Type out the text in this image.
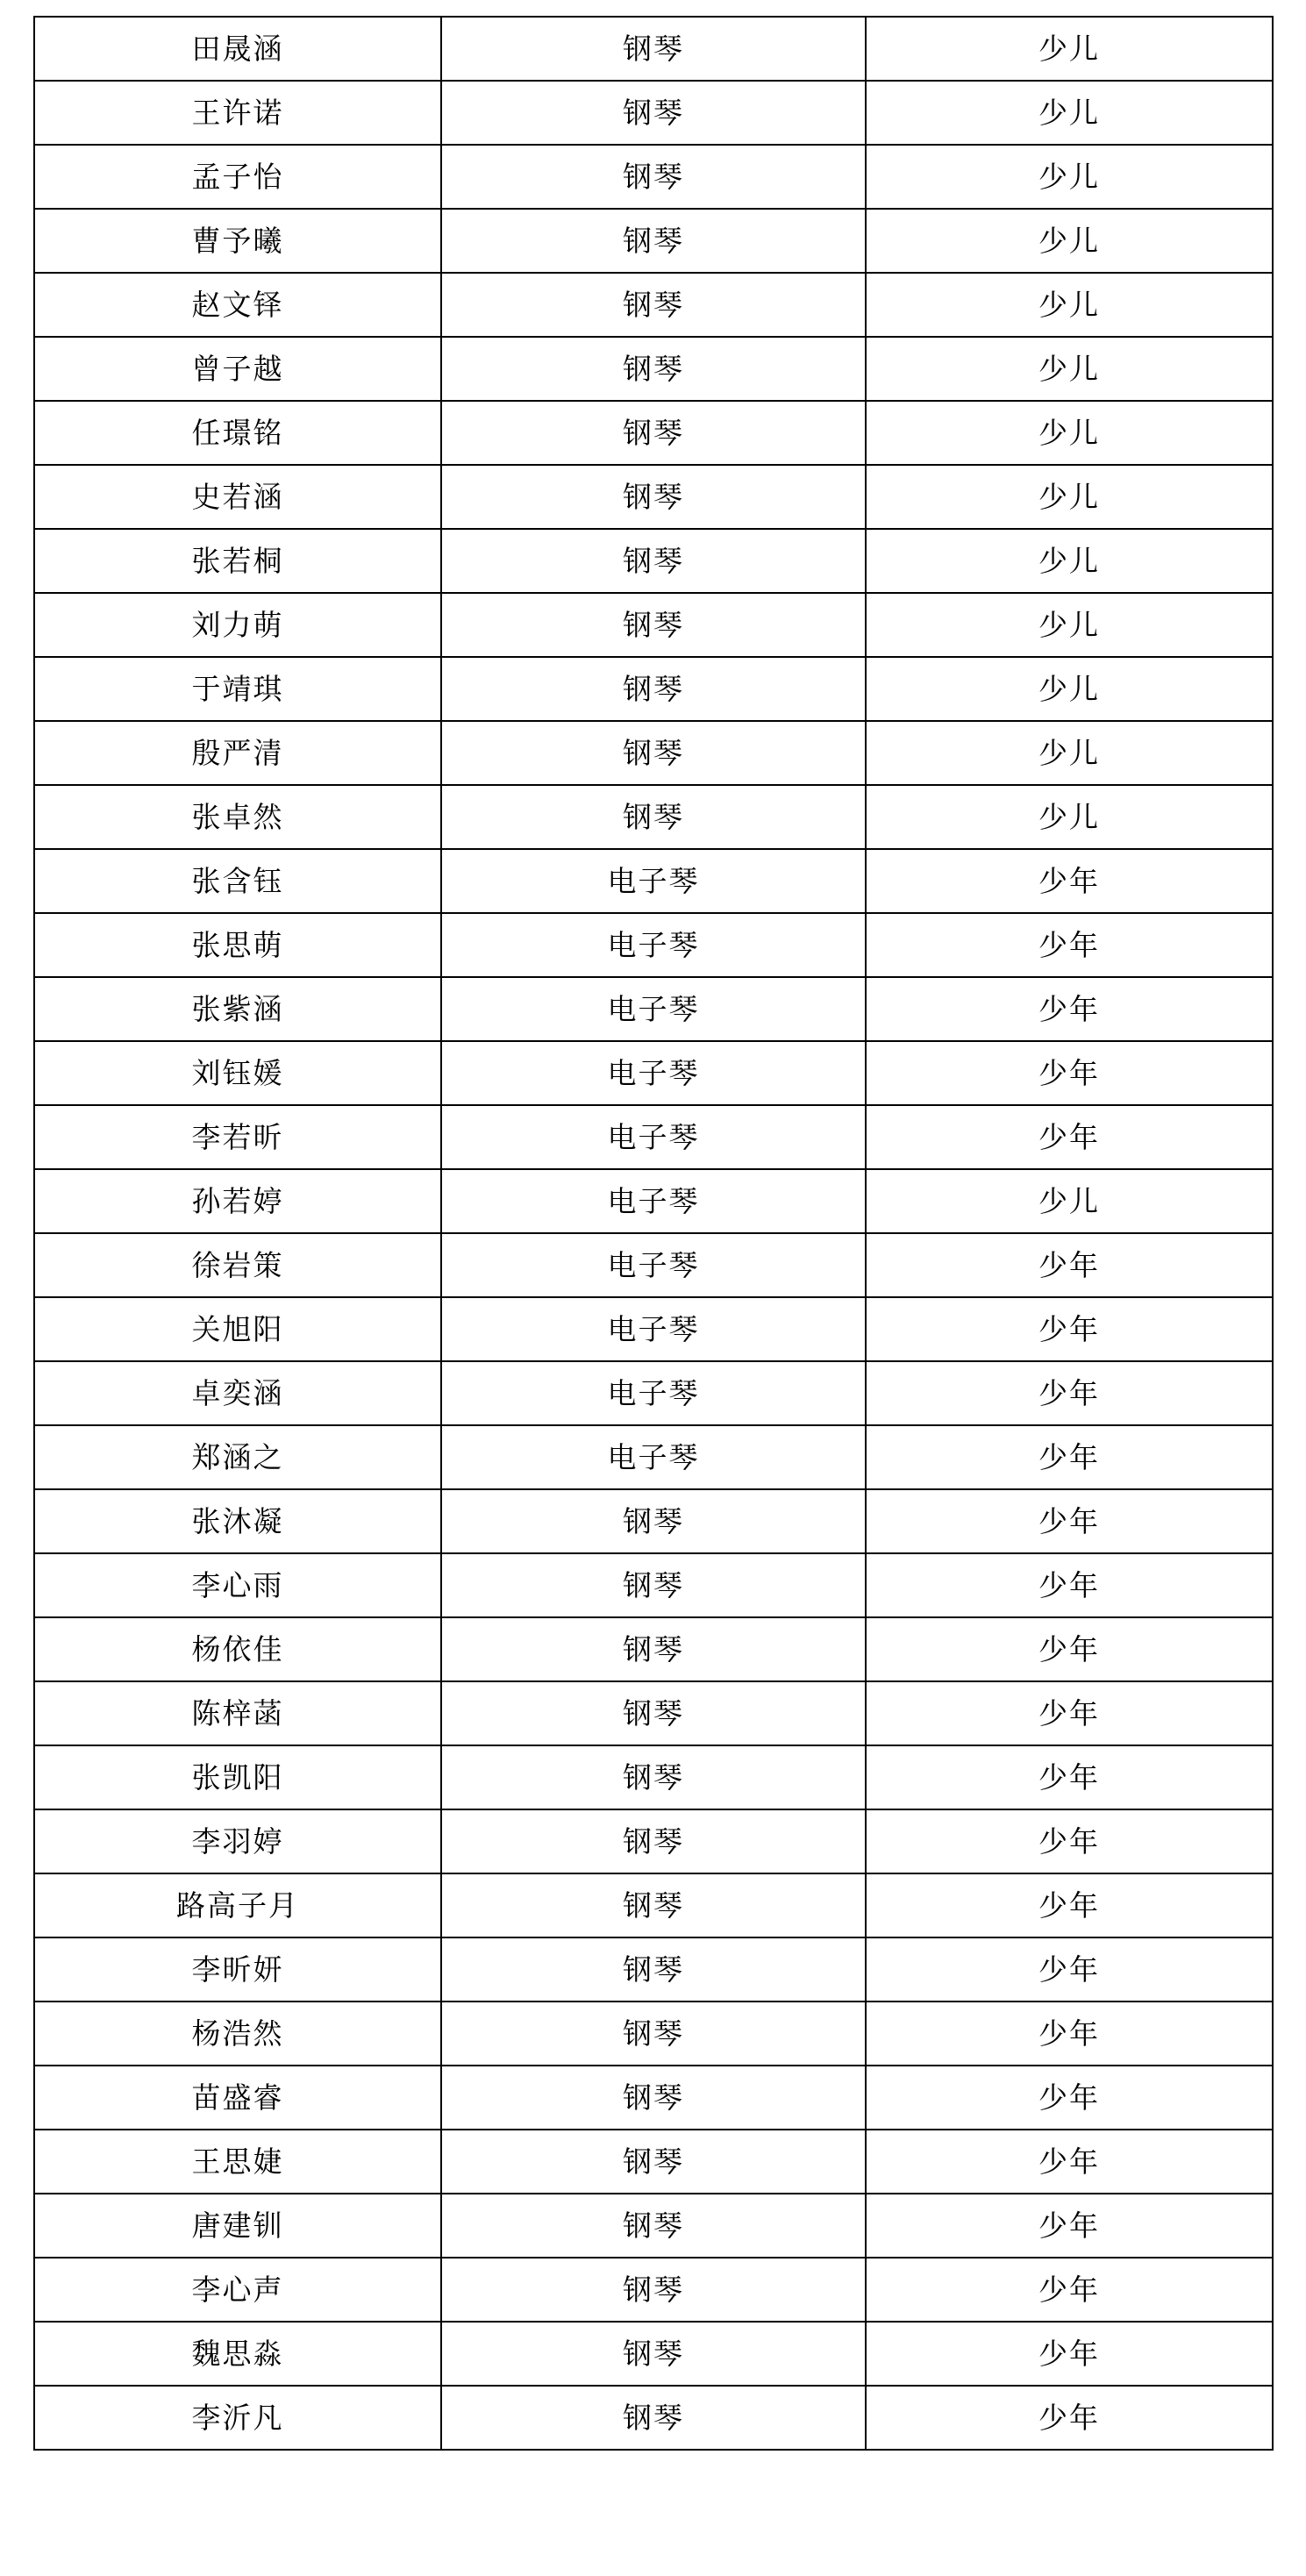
田晟涵	钢琴	少儿
王许诺	钢琴	少儿
孟子怡	钢琴	少儿
曹予曦	钢琴	少儿
赵文铎	钢琴	少儿
曾子越	钢琴	少儿
任璟铭	钢琴	少儿
史若涵	钢琴	少儿
张若桐	钢琴	少儿
刘力萌	钢琴	少儿
于靖琪	钢琴	少儿
殷严清	钢琴	少儿
张卓然	钢琴	少儿
张含钰	电子琴	少年
张思萌	电子琴	少年
张紫涵	电子琴	少年
刘钰媛	电子琴	少年
李若昕	电子琴	少年
孙若婷	电子琴	少儿
徐岩策	电子琴	少年
关旭阳	电子琴	少年
卓奕涵	电子琴	少年
郑涵之	电子琴	少年
张沐凝	钢琴	少年
李心雨	钢琴	少年
杨依佳	钢琴	少年
陈梓菡	钢琴	少年
张凯阳	钢琴	少年
李羽婷	钢琴	少年
路高子月	钢琴	少年
李昕妍	钢琴	少年
杨浩然	钢琴	少年
苗盛睿	钢琴	少年
王思婕	钢琴	少年
唐建钏	钢琴	少年
李心声	钢琴	少年
魏思淼	钢琴	少年
李沂凡	钢琴	少年
